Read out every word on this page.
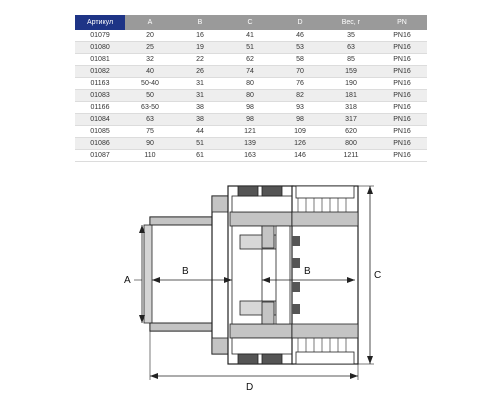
Артикул	A	B	C	D	Вес, г	PN
01079	20	16	41	46	35	PN16
01080	25	19	51	53	63	PN16
01081	32	22	62	58	85	PN16
01082	40	26	74	70	159	PN16
01163	50-40	31	80	76	190	PN16
01083	50	31	80	82	181	PN16
01166	63-50	38	98	93	318	PN16
01084	63	38	98	98	317	PN16
01085	75	44	121	109	620	PN16
01086	90	51	139	126	800	PN16
01087	110	61	163	146	1211	PN16
A
B	B	C
D
